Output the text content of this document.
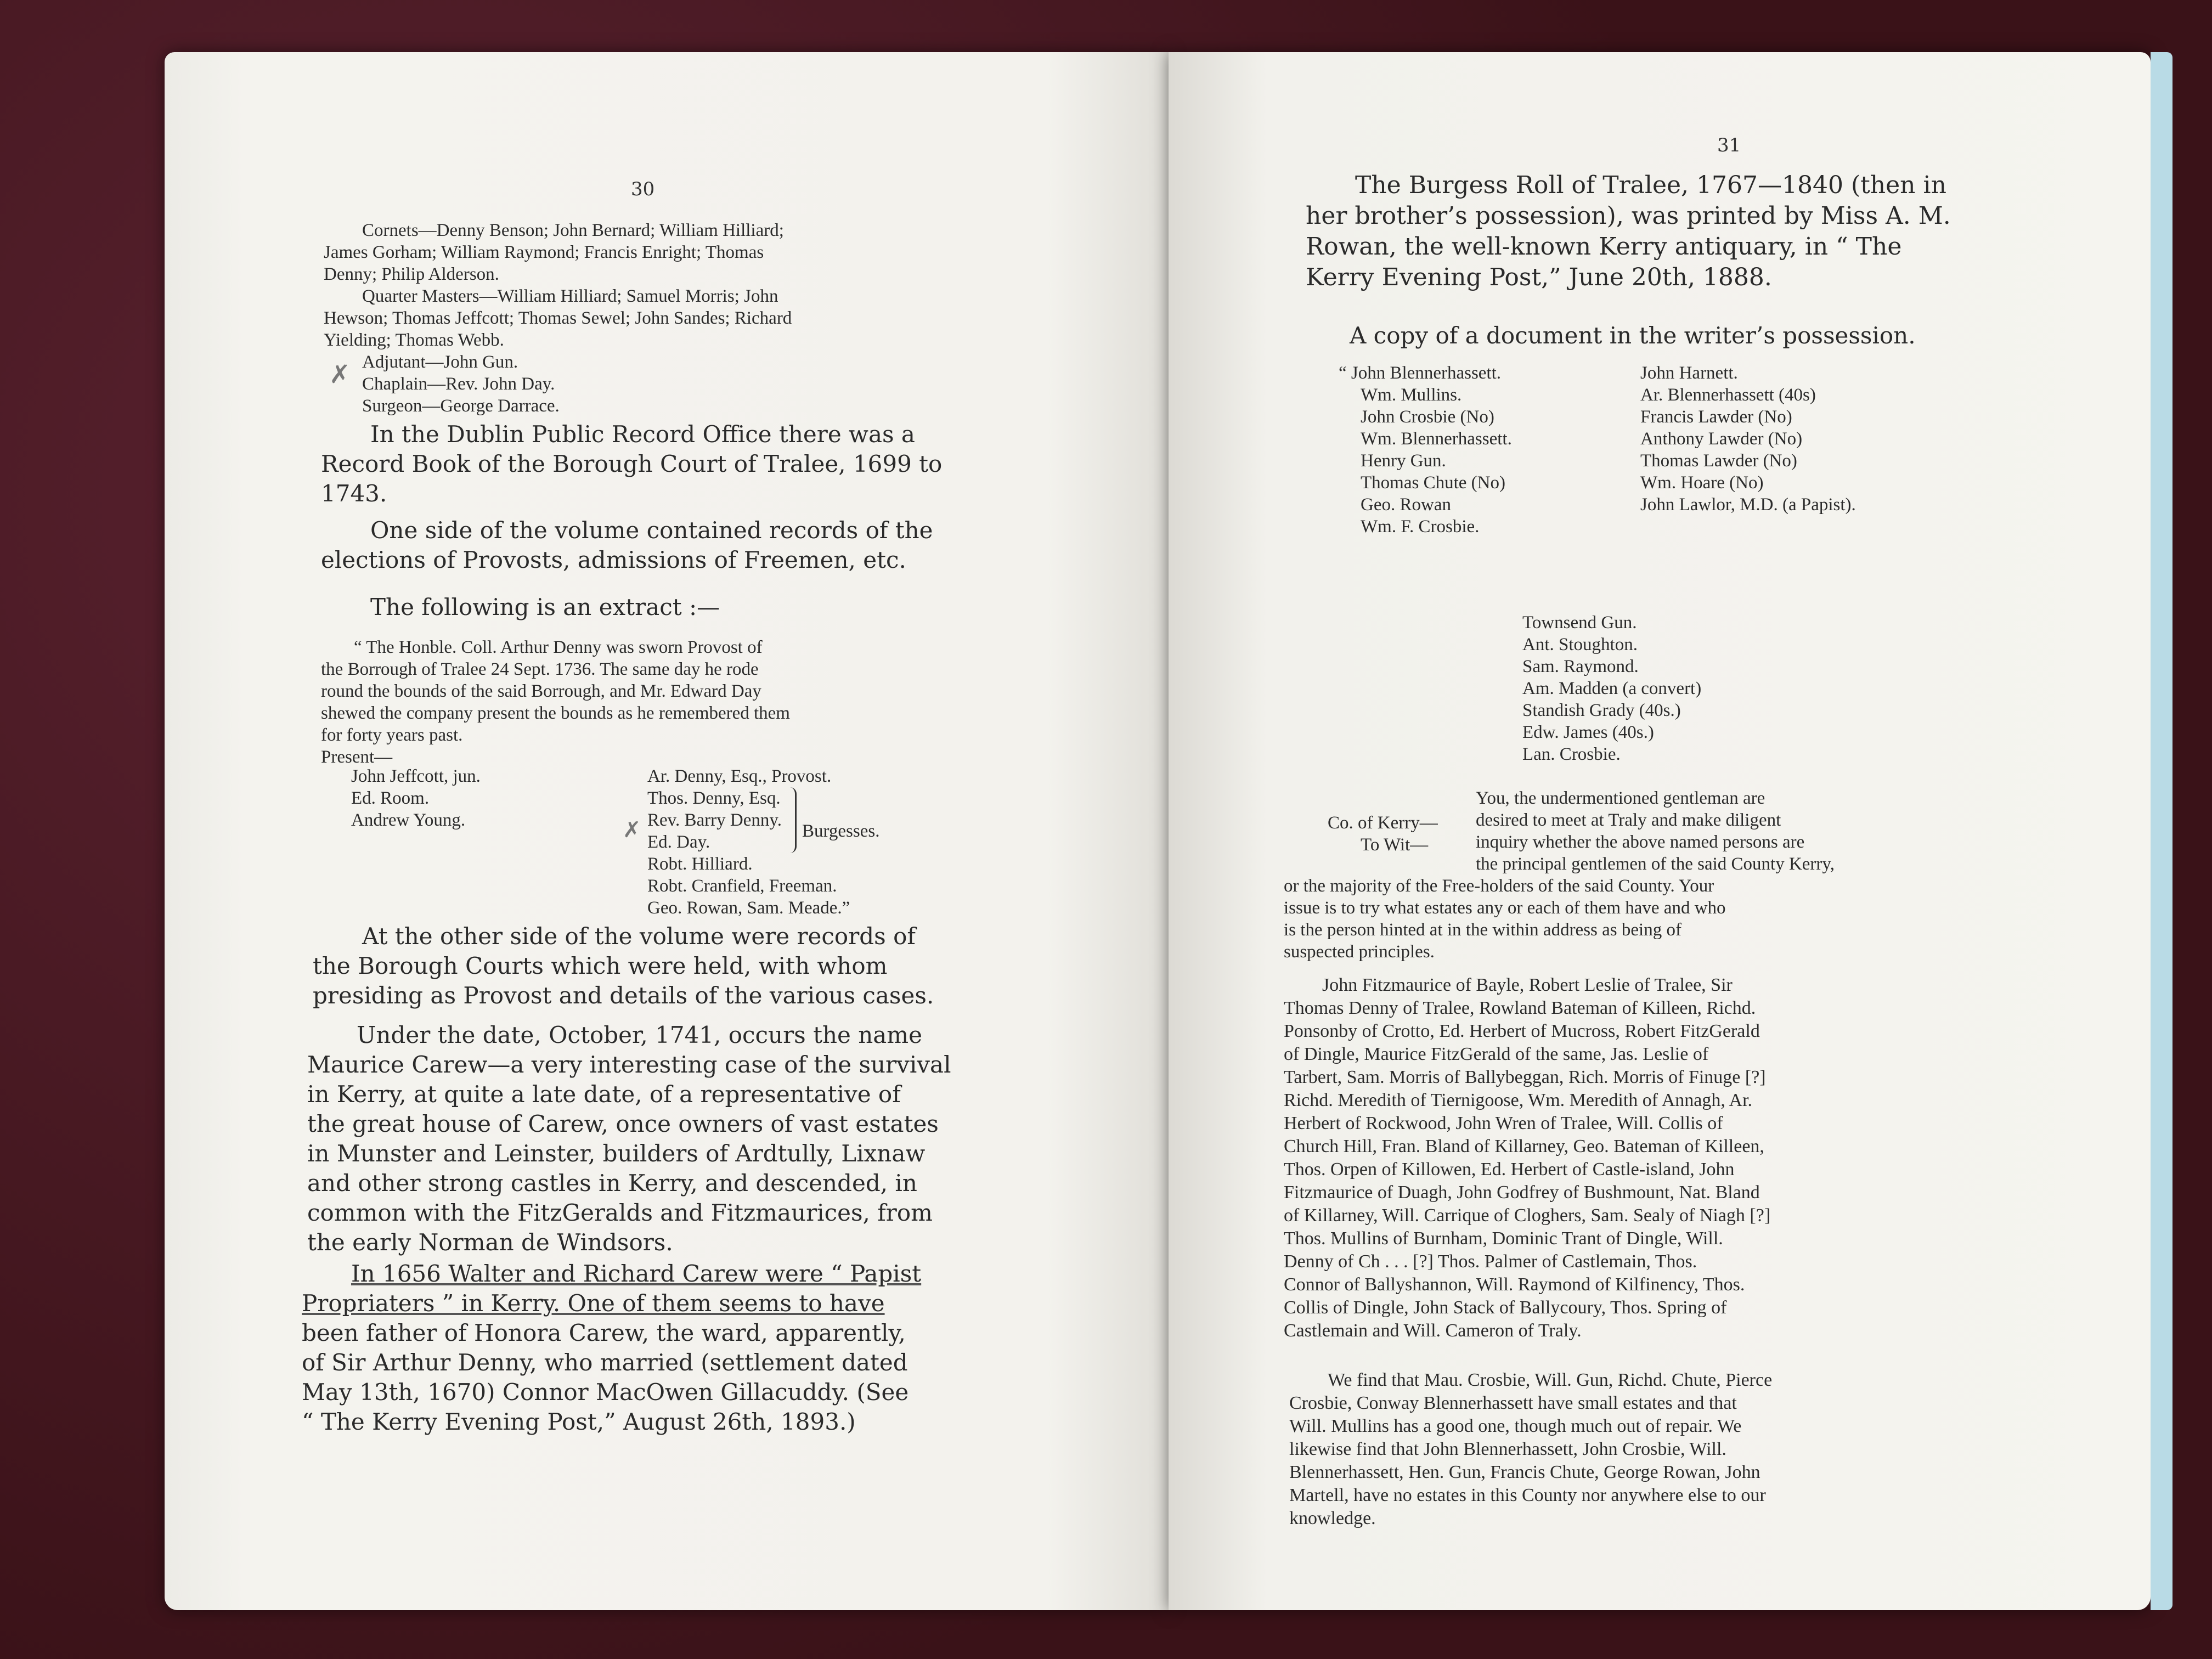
30
Cornets—Denny Benson; John Bernard; William Hilliard;
James Gorham; William Raymond; Francis Enright; Thomas
Denny; Philip Alderson.
Quarter Masters—William Hilliard; Samuel Morris; John
Hewson; Thomas Jeffcott; Thomas Sewel; John Sandes; Richard
Yielding; Thomas Webb.
Adjutant—John Gun.
Chaplain—Rev. John Day.
Surgeon—George Darrace.
✗
In the Dublin Public Record Office there was a
Record Book of the Borough Court of Tralee, 1699 to
1743.
One side of the volume contained records of the
elections of Provosts, admissions of Freemen, etc.
The following is an extract :—
“ The Honble. Coll. Arthur Denny was sworn Provost of
the Borrough of Tralee 24 Sept. 1736. The same day he rode
round the bounds of the said Borrough, and Mr. Edward Day
shewed the company present the bounds as he remembered them
for forty years past.
Present—
John Jeffcott, jun.
Ed. Room.
Andrew Young.
Ar. Denny, Esq., Provost.
Thos. Denny, Esq.
Rev. Barry Denny.
Ed. Day.
Robt. Hilliard.
Burgesses.
Robt. Cranfield, Freeman.
Geo. Rowan, Sam. Meade.”
✗
At the other side of the volume were records of
the Borough Courts which were held, with whom
presiding as Provost and details of the various cases.
Under the date, October, 1741, occurs the name
Maurice Carew—a very interesting case of the survival
in Kerry, at quite a late date, of a representative of
the great house of Carew, once owners of vast estates
in Munster and Leinster, builders of Ardtully, Lixnaw
and other strong castles in Kerry, and descended, in
common with the FitzGeralds and Fitzmaurices, from
the early Norman de Windsors.
In 1656 Walter and Richard Carew were “ Papist
Propriaters ” in Kerry. One of them seems to have
been father of Honora Carew, the ward, apparently,
of Sir Arthur Denny, who married (settlement dated
May 13th, 1670) Connor MacOwen Gillacuddy. (See
“ The Kerry Evening Post,” August 26th, 1893.)
31
The Burgess Roll of Tralee, 1767—1840 (then in
her brother’s possession), was printed by Miss A. M.
Rowan, the well-known Kerry antiquary, in “ The
Kerry Evening Post,” June 20th, 1888.
A copy of a document in the writer’s possession.
“ John Blennerhassett.
Wm. Mullins.
John Crosbie (No)
Wm. Blennerhassett.
Henry Gun.
Thomas Chute (No)
Geo. Rowan
Wm. F. Crosbie.
John Harnett.
Ar. Blennerhassett (40s)
Francis Lawder (No)
Anthony Lawder (No)
Thomas Lawder (No)
Wm. Hoare (No)
John Lawlor, M.D. (a Papist).
Townsend Gun.
Ant. Stoughton.
Sam. Raymond.
Am. Madden (a convert)
Standish Grady (40s.)
Edw. James (40s.)
Lan. Crosbie.
Co. of Kerry—
To Wit—
You, the undermentioned gentleman are
desired to meet at Traly and make diligent
inquiry whether the above named persons are
the principal gentlemen of the said County Kerry,
or the majority of the Free-holders of the said County. Your
issue is to try what estates any or each of them have and who
is the person hinted at in the within address as being of
suspected principles.
John Fitzmaurice of Bayle, Robert Leslie of Tralee, Sir
Thomas Denny of Tralee, Rowland Bateman of Killeen, Richd.
Ponsonby of Crotto, Ed. Herbert of Mucross, Robert FitzGerald
of Dingle, Maurice FitzGerald of the same, Jas. Leslie of
Tarbert, Sam. Morris of Ballybeggan, Rich. Morris of Finuge [?]
Richd. Meredith of Tiernigoose, Wm. Meredith of Annagh, Ar.
Herbert of Rockwood, John Wren of Tralee, Will. Collis of
Church Hill, Fran. Bland of Killarney, Geo. Bateman of Killeen,
Thos. Orpen of Killowen, Ed. Herbert of Castle-island, John
Fitzmaurice of Duagh, John Godfrey of Bushmount, Nat. Bland
of Killarney, Will. Carrique of Cloghers, Sam. Sealy of Niagh [?]
Thos. Mullins of Burnham, Dominic Trant of Dingle, Will.
Denny of Ch . . . [?] Thos. Palmer of Castlemain, Thos.
Connor of Ballyshannon, Will. Raymond of Kilfinency, Thos.
Collis of Dingle, John Stack of Ballycoury, Thos. Spring of
Castlemain and Will. Cameron of Traly.
We find that Mau. Crosbie, Will. Gun, Richd. Chute, Pierce
Crosbie, Conway Blennerhassett have small estates and that
Will. Mullins has a good one, though much out of repair. We
likewise find that John Blennerhassett, John Crosbie, Will.
Blennerhassett, Hen. Gun, Francis Chute, George Rowan, John
Martell, have no estates in this County nor anywhere else to our
knowledge.
